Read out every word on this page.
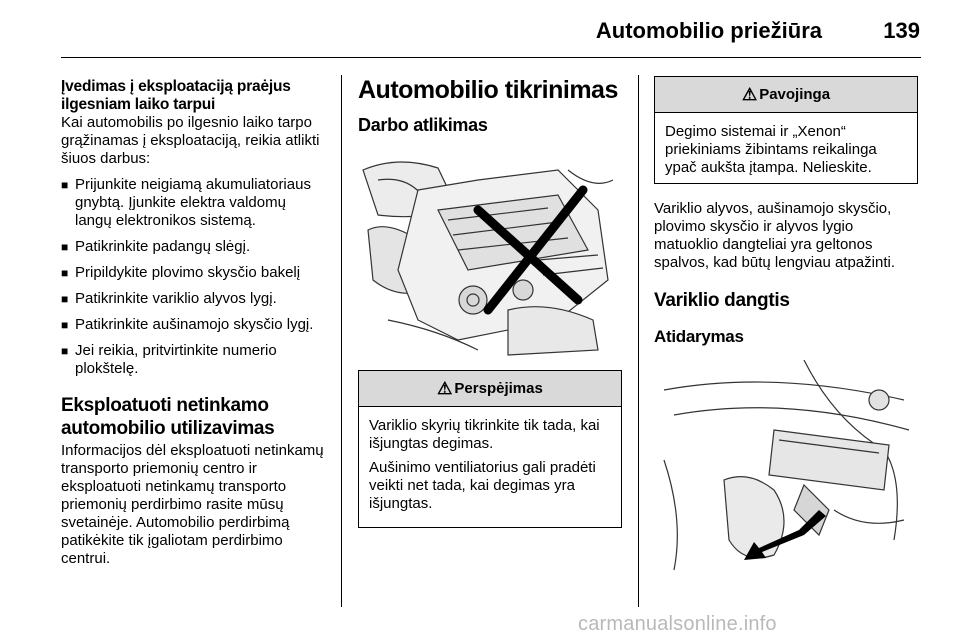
Automobilio priežiūra	139
Įvedimas į eksploataciją praėjus ilgesniam laiko tarpui

Kai automobilis po ilgesnio laiko tarpo grąžinamas į eksploataciją, reikia atlikti šiuos darbus:

■ Prijunkite neigiamą akumuliatoriaus gnybtą. Įjunkite elektra valdomų langų elektronikos sistemą.
■ Patikrinkite padangų slėgį.
■ Pripildykite plovimo skysčio bakelį
■ Patikrinkite variklio alyvos lygį.
■ Patikrinkite aušinamojo skysčio lygį.
■ Jei reikia, pritvirtinkite numerio plokštelę.
Eksploatuoti netinkamo automobilio utilizavimas

Informacijos dėl eksploatuoti netinkamų transporto priemonių centro ir eksploatuoti netinkamų transporto priemonių perdirbimo rasite mūsų svetainėje. Automobilio perdirbimą patikėkite tik įgaliotam perdirbimo centrui.

Automobilio tikrinimas
Darbo atlikimas
⚠ Perspėjimas

Variklio skyrių tikrinkite tik tada, kai išjungtas degimas.

Aušinimo ventiliatorius gali pradėti veikti net tada, kai degimas yra išjungtas.

⚠ Pavojinga

Degimo sistemai ir „Xenon“ priekiniams žibintams reikalinga ypač aukšta įtampa. Nelieskite.

Variklio alyvos, aušinamojo skysčio, plovimo skysčio ir alyvos lygio matuoklio dangteliai yra geltonos spalvos, kad būtų lengviau atpažinti.

Variklio dangtis
Atidarymas
carmanualsonline.info
